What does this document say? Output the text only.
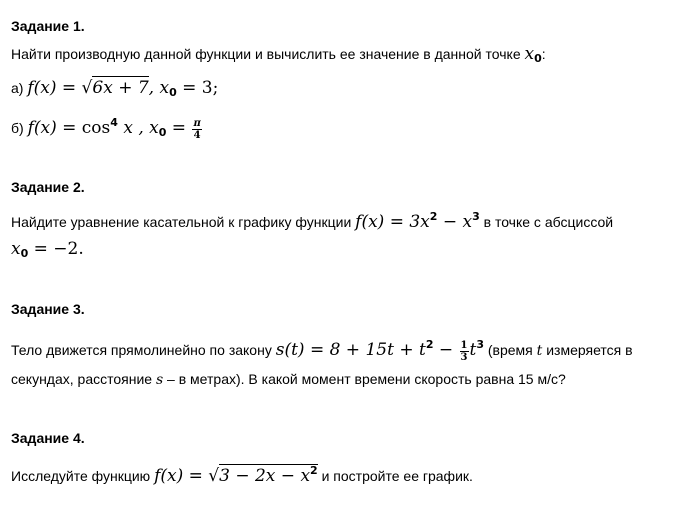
Задание 1.
Найти производную данной функции и вычислить ее значение в данной точке $x_0$:
а) f(x) = √6x + 7, $x_0 = 3$;
б) $f(x) = \cos^4 x$ , $x_0 = \frac{\pi}{4}$
Задание 2.
Найдите уравнение касательной к графику функции $f(x) = 3x^2 - x^3$ в точке с абсциссой
$x_0 = -2$.
Задание 3.
Тело движется прямолинейно по закону $s(t) = 8 + 15t + t^2 - \frac{1}{3} t^3$ (время t измеряется в
секундах, расстояние s – в метрах). В какой момент времени скорость равна 15 м/с?
Задание 4.
Исследуйте функцию $f(x) = √3 - 2x - x^2$ и постройте ее график.
